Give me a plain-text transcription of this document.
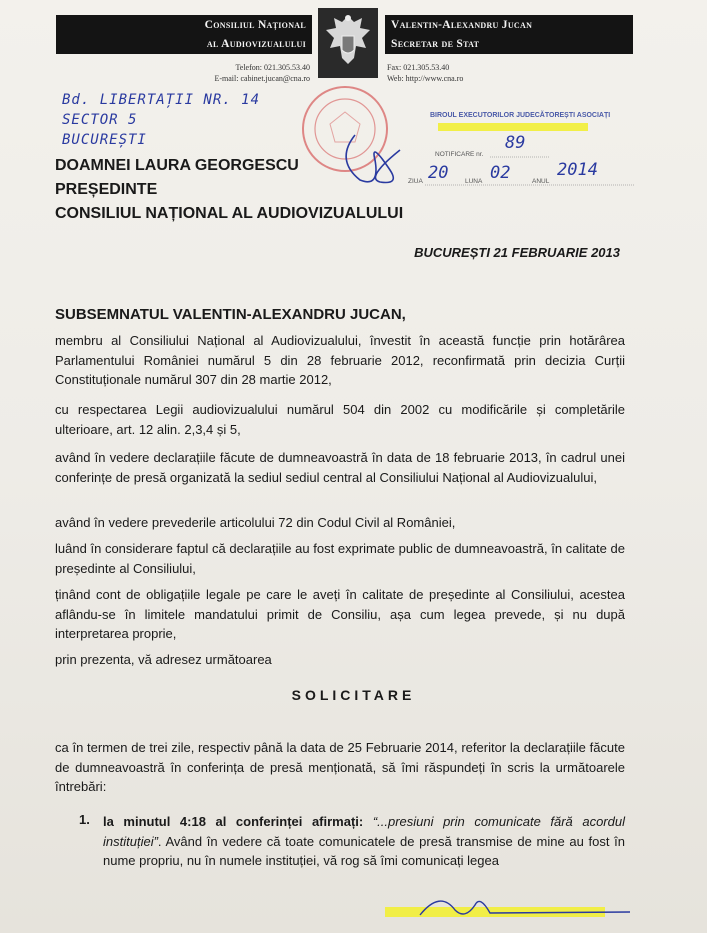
Consiliul Național
al Audiovizualului
Valentin-Alexandru Jucan
Secretar de Stat
Telefon: 021.305.53.40
E-mail: cabinet.jucan@cna.ro
Fax: 021.305.53.40
Web: http://www.cna.ro
Bd. LIBERTAȚII NR. 14
SECTOR 5
BUCUREȘTI
BIROUL EXECUTORILOR JUDECĂTOREȘTI ASOCIAȚI
NOTIFICARE nr.
89
ZIUA 20	LUNA 02	ANUL
2014
DOAMNEI LAURA GEORGESCU
PREȘEDINTE
CONSILIUL NAȚIONAL AL AUDIOVIZUALULUI
BUCUREȘTI 21 FEBRUARIE 2013
SUBSEMNATUL VALENTIN-ALEXANDRU JUCAN,
membru al Consiliului Național al Audiovizualului, învestit în această funcție prin hotărârea Parlamentului României numărul 5 din 28 februarie 2012, reconfirmată prin decizia Curții Constituționale numărul 307 din 28 martie 2012,
cu respectarea Legii audiovizualului numărul 504 din 2002 cu modificările și completările ulterioare, art. 12 alin. 2,3,4 și 5,
având în vedere declarațiile făcute de dumneavoastră în data de 18 februarie 2013, în cadrul unei conferințe de presă organizată la sediul sediul central al Consiliului Național al Audiovizualului,
având în vedere prevederile articolului 72 din Codul Civil al României,
luând în considerare faptul că declarațiile au fost exprimate public de dumneavoastră, în calitate de președinte al Consiliului,
ținând cont de obligațiile legale pe care le aveți în calitate de președinte al Consiliului, acestea aflându-se în limitele mandatului primit de Consiliu, așa cum legea prevede, și nu după interpretarea proprie,
prin prezenta, vă adresez următoarea
SOLICITARE
ca în termen de trei zile, respectiv până la data de 25 Februarie 2014, referitor la declarațiile făcute de dumneavoastră în conferința de presă menționată, să îmi răspundeți în scris la următoarele întrebări:
1. la minutul 4:18 al conferinței afirmați: “...presiuni prin comunicate fără acordul instituției”. Având în vedere că toate comunicatele de presă transmise de mine au fost în nume propriu, nu în numele instituției, vă rog să îmi comunicați legea
